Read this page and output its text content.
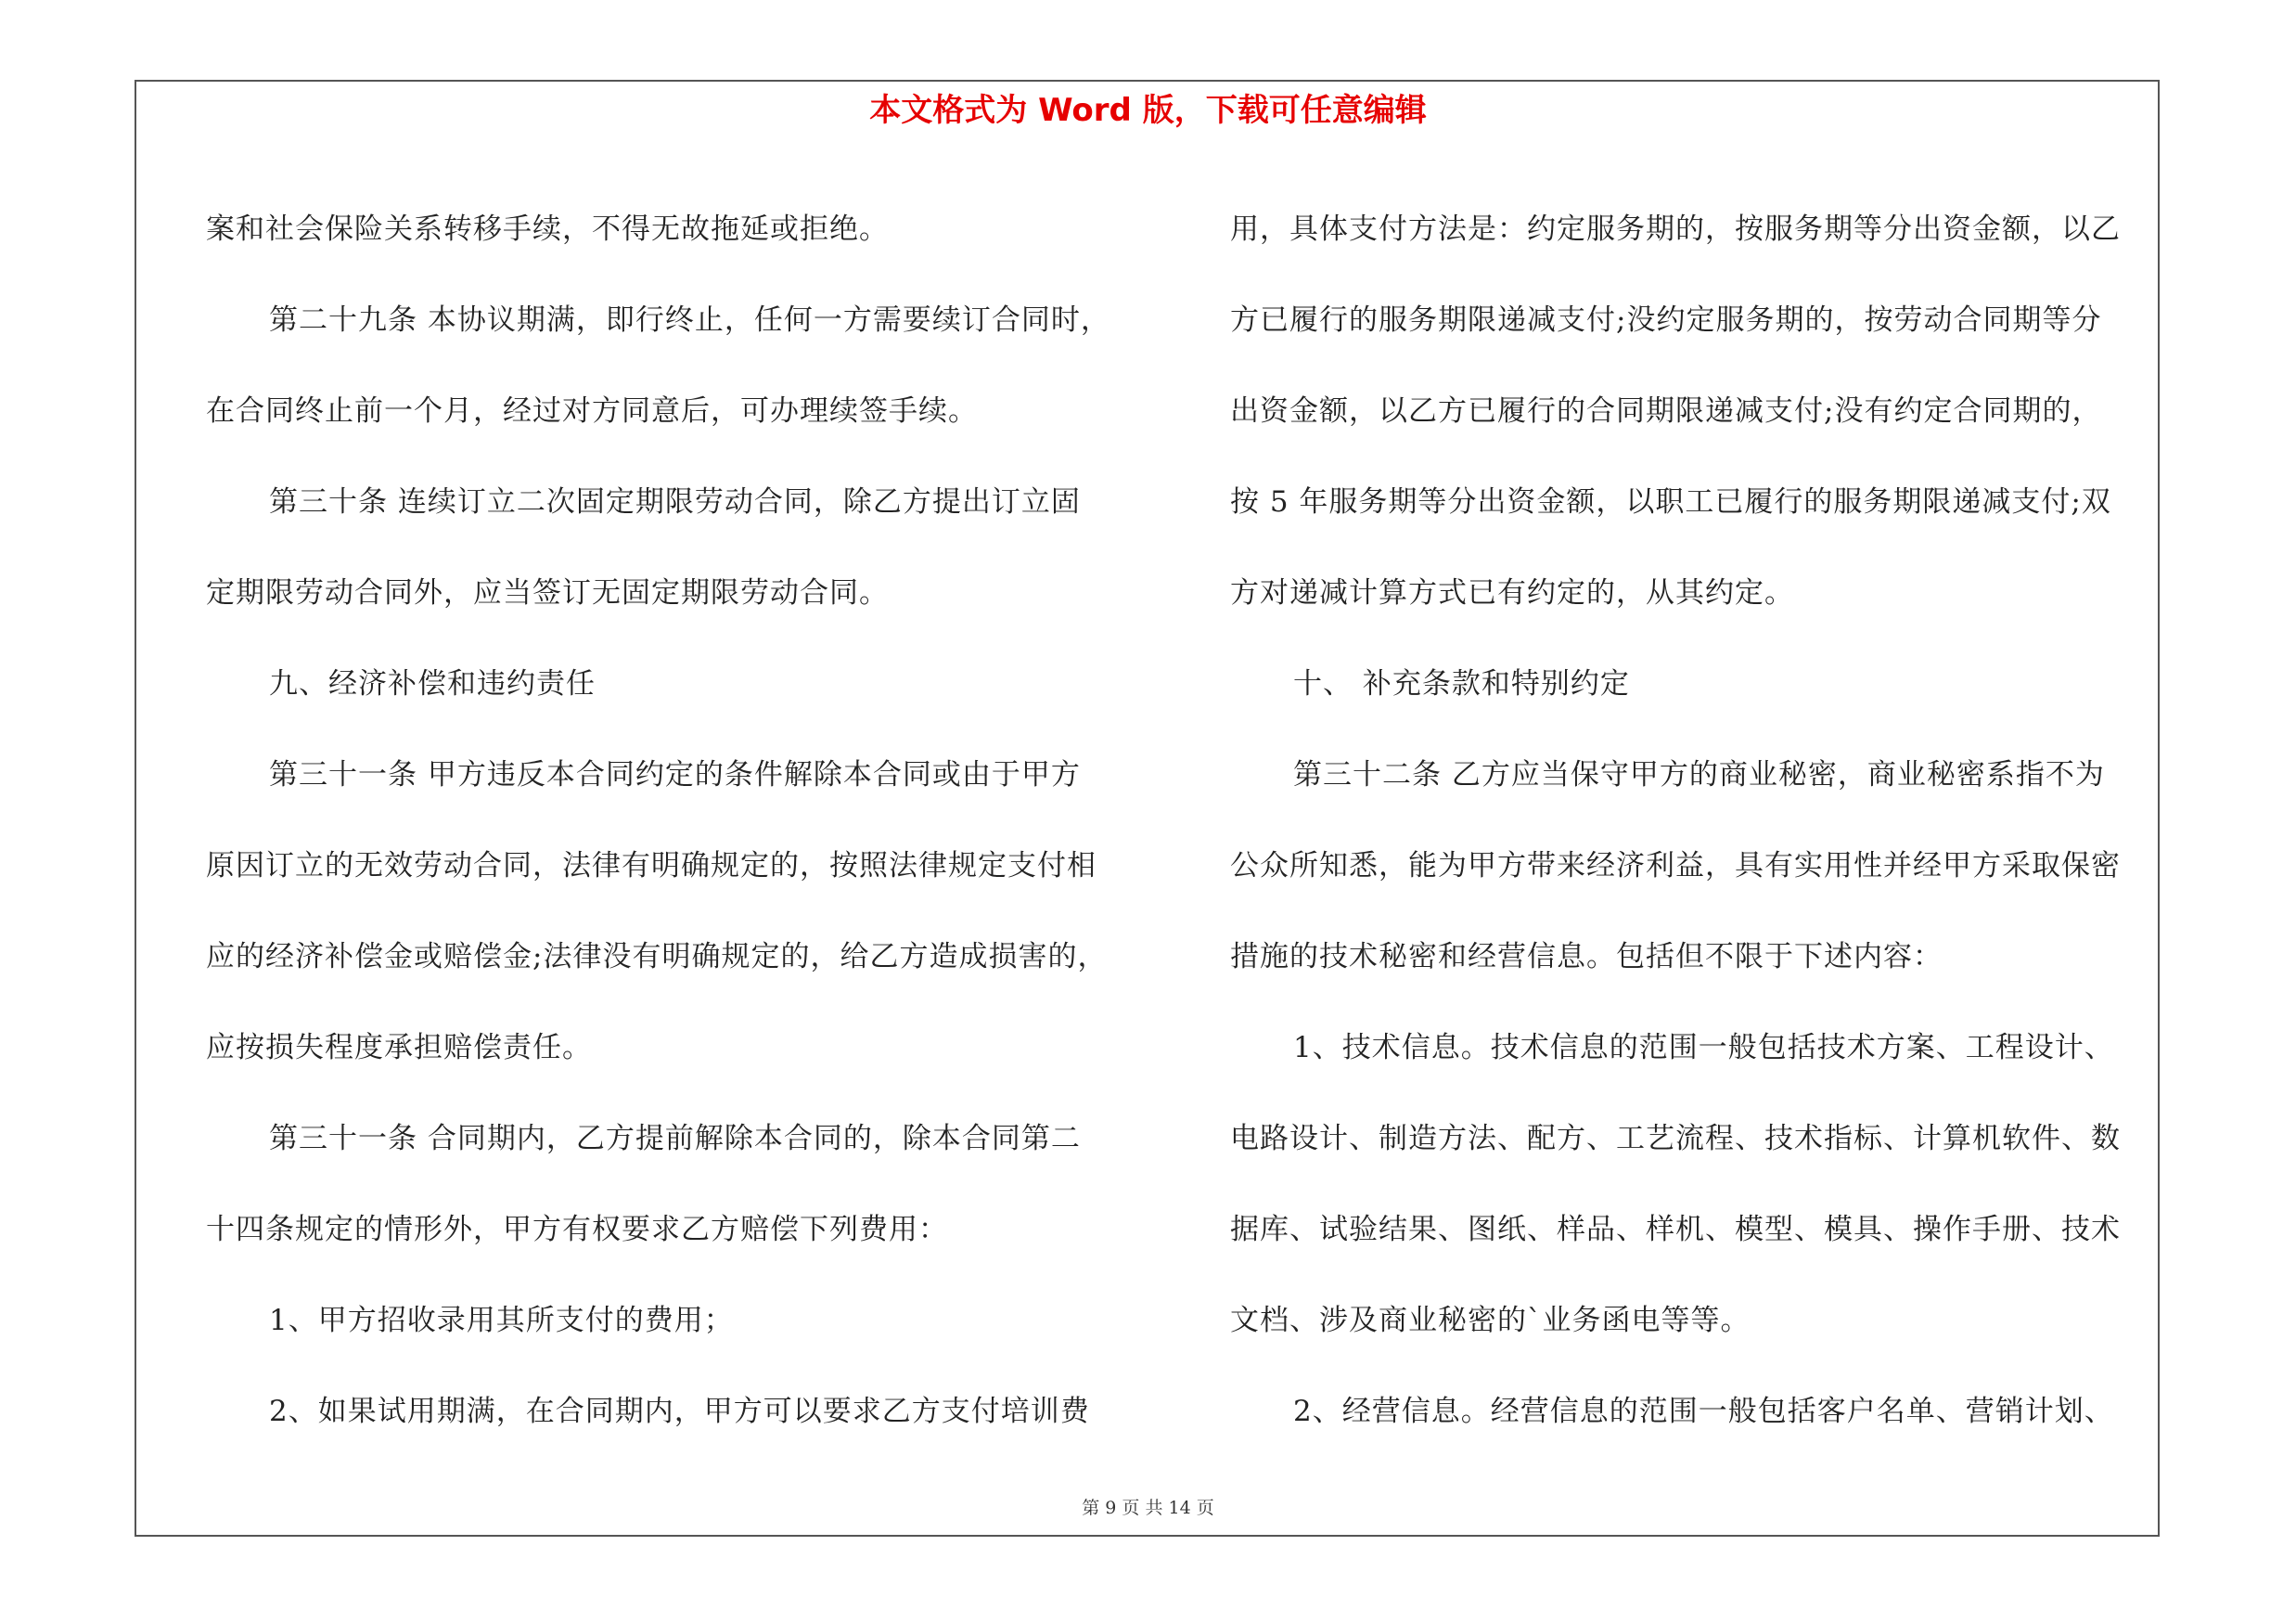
本文格式为 Word 版，下载可任意编辑

案和社会保险关系转移手续，不得无故拖延或拒绝。

第二十九条 本协议期满，即行终止，任何一方需要续订合同时，

在合同终止前一个月，经过对方同意后，可办理续签手续。

第三十条 连续订立二次固定期限劳动合同，除乙方提出订立固

定期限劳动合同外，应当签订无固定期限劳动合同。

九、经济补偿和违约责任

第三十一条 甲方违反本合同约定的条件解除本合同或由于甲方

原因订立的无效劳动合同，法律有明确规定的，按照法律规定支付相

应的经济补偿金或赔偿金;法律没有明确规定的，给乙方造成损害的，

应按损失程度承担赔偿责任。

第三十一条 合同期内，乙方提前解除本合同的，除本合同第二

十四条规定的情形外，甲方有权要求乙方赔偿下列费用：

1、甲方招收录用其所支付的费用；

2、如果试用期满，在合同期内，甲方可以要求乙方支付培训费

用，具体支付方法是：约定服务期的，按服务期等分出资金额，以乙

方已履行的服务期限递减支付;没约定服务期的，按劳动合同期等分

出资金额，以乙方已履行的合同期限递减支付;没有约定合同期的，

按 5 年服务期等分出资金额，以职工已履行的服务期限递减支付;双

方对递减计算方式已有约定的，从其约定。

十、 补充条款和特别约定

第三十二条 乙方应当保守甲方的商业秘密，商业秘密系指不为

公众所知悉，能为甲方带来经济利益，具有实用性并经甲方采取保密

措施的技术秘密和经营信息。包括但不限于下述内容：

1、技术信息。技术信息的范围一般包括技术方案、工程设计、

电路设计、制造方法、配方、工艺流程、技术指标、计算机软件、数

据库、试验结果、图纸、样品、样机、模型、模具、操作手册、技术

文档、涉及商业秘密的`业务函电等等。

2、经营信息。经营信息的范围一般包括客户名单、营销计划、

第 9 页 共 14 页
